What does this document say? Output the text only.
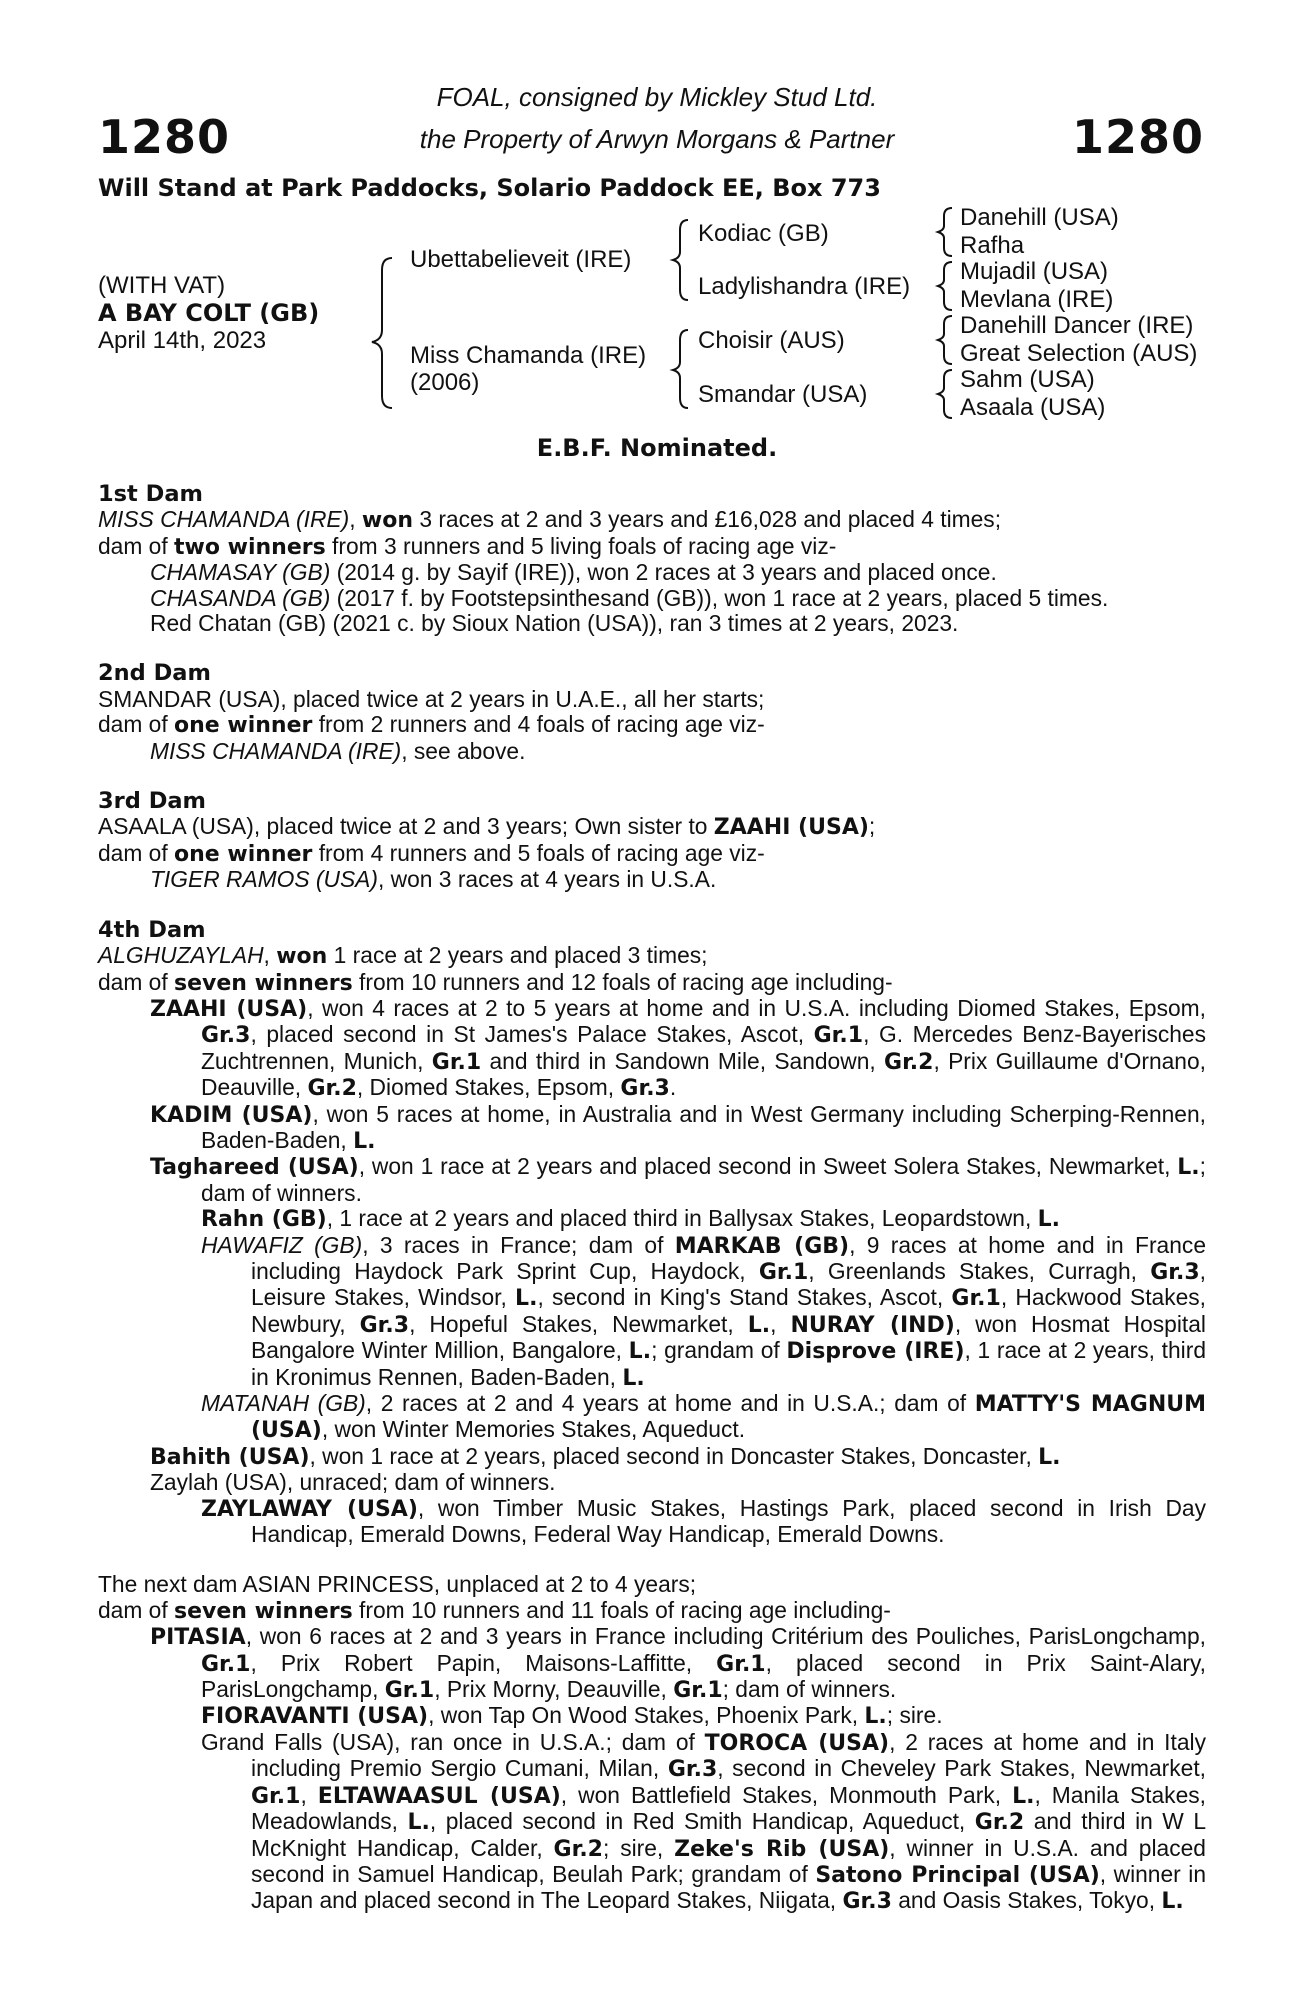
1280	1280
FOAL, consigned by Mickley Stud Ltd.
the Property of Arwyn Morgans & Partner
Will Stand at Park Paddocks, Solario Paddock EE, Box 773
(WITH VAT)
A BAY COLT (GB)
April 14th, 2023
Ubettabelieveit (IRE)
Miss Chamanda (IRE)
(2006)
Kodiac (GB)
Ladylishandra (IRE)
Choisir (AUS)
Smandar (USA)
Danehill (USA)
Rafha
Mujadil (USA)
Mevlana (IRE)
Danehill Dancer (IRE)
Great Selection (AUS)
Sahm (USA)
Asaala (USA)
E.B.F. Nominated.
1st Dam

MISS CHAMANDA (IRE), won 3 races at 2 and 3 years and £16,028 and placed 4 times;

dam of two winners from 3 runners and 5 living foals of racing age viz-

CHAMASAY (GB) (2014 g. by Sayif (IRE)), won 2 races at 3 years and placed once.

CHASANDA (GB) (2017 f. by Footstepsinthesand (GB)), won 1 race at 2 years, placed 5 times.

Red Chatan (GB) (2021 c. by Sioux Nation (USA)), ran 3 times at 2 years, 2023.

2nd Dam

SMANDAR (USA), placed twice at 2 years in U.A.E., all her starts;

dam of one winner from 2 runners and 4 foals of racing age viz-

MISS CHAMANDA (IRE), see above.

3rd Dam

ASAALA (USA), placed twice at 2 and 3 years; Own sister to ZAAHI (USA);

dam of one winner from 4 runners and 5 foals of racing age viz-

TIGER RAMOS (USA), won 3 races at 4 years in U.S.A.

4th Dam

ALGHUZAYLAH, won 1 race at 2 years and placed 3 times;

dam of seven winners from 10 runners and 12 foals of racing age including-

ZAAHI (USA), won 4 races at 2 to 5 years at home and in U.S.A. including Diomed Stakes, Epsom, Gr.3, placed second in St James's Palace Stakes, Ascot, Gr.1, G. Mercedes Benz-Bayerisches Zuchtrennen, Munich, Gr.1 and third in Sandown Mile, Sandown, Gr.2, Prix Guillaume d'Ornano, Deauville, Gr.2, Diomed Stakes, Epsom, Gr.3.

KADIM (USA), won 5 races at home, in Australia and in West Germany including Scherping-Rennen, Baden-Baden, L.

Taghareed (USA), won 1 race at 2 years and placed second in Sweet Solera Stakes, Newmarket, L.; dam of winners.

Rahn (GB), 1 race at 2 years and placed third in Ballysax Stakes, Leopardstown, L.

HAWAFIZ (GB), 3 races in France; dam of MARKAB (GB), 9 races at home and in France including Haydock Park Sprint Cup, Haydock, Gr.1, Greenlands Stakes, Curragh, Gr.3, Leisure Stakes, Windsor, L., second in King's Stand Stakes, Ascot, Gr.1, Hackwood Stakes, Newbury, Gr.3, Hopeful Stakes, Newmarket, L., NURAY (IND), won Hosmat Hospital Bangalore Winter Million, Bangalore, L.; grandam of Disprove (IRE), 1 race at 2 years, third in Kronimus Rennen, Baden-Baden, L.

MATANAH (GB), 2 races at 2 and 4 years at home and in U.S.A.; dam of MATTY'S MAGNUM (USA), won Winter Memories Stakes, Aqueduct.

Bahith (USA), won 1 race at 2 years, placed second in Doncaster Stakes, Doncaster, L.

Zaylah (USA), unraced; dam of winners.

ZAYLAWAY (USA), won Timber Music Stakes, Hastings Park, placed second in Irish Day Handicap, Emerald Downs, Federal Way Handicap, Emerald Downs.

The next dam ASIAN PRINCESS, unplaced at 2 to 4 years;

dam of seven winners from 10 runners and 11 foals of racing age including-

PITASIA, won 6 races at 2 and 3 years in France including Critérium des Pouliches, ParisLongchamp, Gr.1, Prix Robert Papin, Maisons-Laffitte, Gr.1, placed second in Prix Saint-Alary, ParisLongchamp, Gr.1, Prix Morny, Deauville, Gr.1; dam of winners.

FIORAVANTI (USA), won Tap On Wood Stakes, Phoenix Park, L.; sire.

Grand Falls (USA), ran once in U.S.A.; dam of TOROCA (USA), 2 races at home and in Italy including Premio Sergio Cumani, Milan, Gr.3, second in Cheveley Park Stakes, Newmarket, Gr.1, ELTAWAASUL (USA), won Battlefield Stakes, Monmouth Park, L., Manila Stakes, Meadowlands, L., placed second in Red Smith Handicap, Aqueduct, Gr.2 and third in W L McKnight Handicap, Calder, Gr.2; sire, Zeke's Rib (USA), winner in U.S.A. and placed second in Samuel Handicap, Beulah Park; grandam of Satono Principal (USA), winner in Japan and placed second in The Leopard Stakes, Niigata, Gr.3 and Oasis Stakes, Tokyo, L.
